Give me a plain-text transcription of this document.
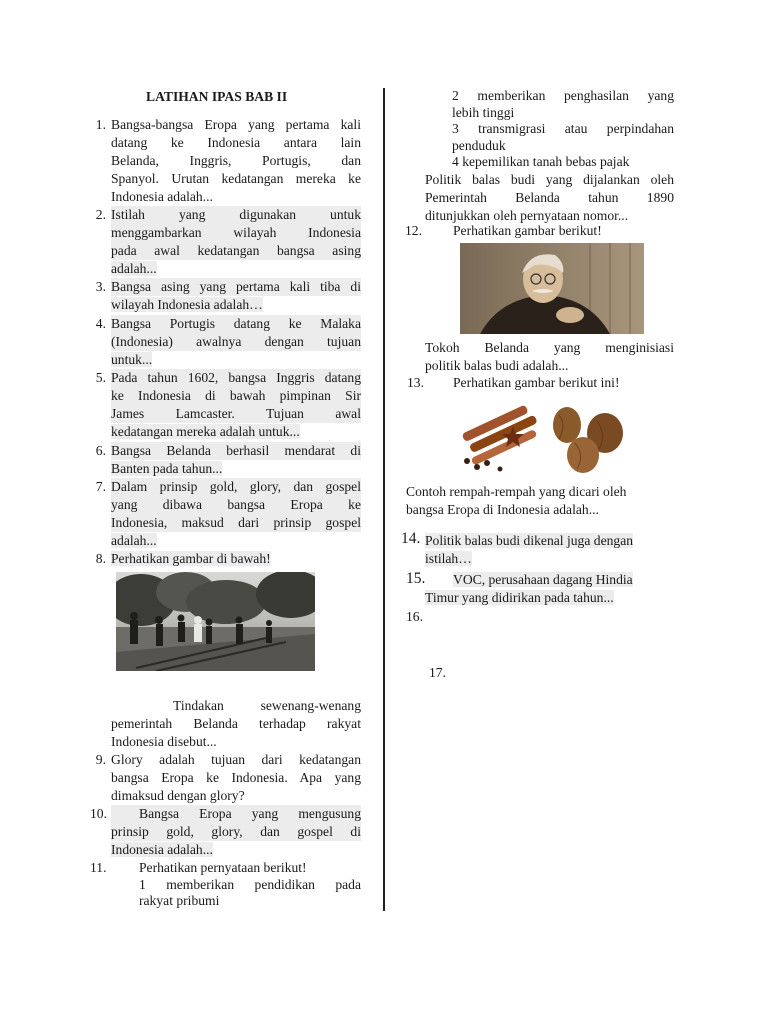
LATIHAN IPAS BAB II
1. Bangsa-bangsa Eropa yang pertama kali
datang ke Indonesia antara lain
Belanda, Inggris, Portugis, dan
Spanyol. Urutan kedatangan mereka ke
Indonesia adalah...
2. Istilah yang digunakan untuk
menggambarkan wilayah Indonesia
pada awal kedatangan bangsa asing
adalah...
3. Bangsa asing yang pertama kali tiba di
wilayah Indonesia adalah…
4. Bangsa Portugis datang ke Malaka
(Indonesia) awalnya dengan tujuan
untuk...
5. Pada tahun 1602, bangsa Inggris datang
ke Indonesia di bawah pimpinan Sir
James Lamcaster. Tujuan awal
kedatangan mereka adalah untuk...
6. Bangsa Belanda berhasil mendarat di
Banten pada tahun...
7. Dalam prinsip gold, glory, dan gospel
yang dibawa bangsa Eropa ke
Indonesia, maksud dari prinsip gospel
adalah...
8. Perhatikan gambar di bawah!
Tindakan sewenang-wenang
pemerintah Belanda terhadap rakyat
Indonesia disebut...
9. Glory adalah tujuan dari kedatangan
bangsa Eropa ke Indonesia. Apa yang
dimaksud dengan glory?
10.	Bangsa Eropa yang mengusung
prinsip gold, glory, dan gospel di
Indonesia adalah...
11.	Perhatikan pernyataan berikut!
1 memberikan pendidikan pada
rakyat pribumi
2 memberikan penghasilan yang
lebih tinggi
3 transmigrasi atau perpindahan
penduduk
4 kepemilikan tanah bebas pajak
Politik balas budi yang dijalankan oleh
Pemerintah Belanda tahun 1890
ditunjukkan oleh pernyataan nomor...
12.	Perhatikan gambar berikut!
Tokoh Belanda yang menginisiasi
politik balas budi adalah...
13.	Perhatikan gambar berikut ini!
Contoh rempah-rempah yang dicari oleh
bangsa Eropa di Indonesia adalah...
14. Politik balas budi dikenal juga dengan
istilah…
15.	VOC, perusahaan dagang Hindia
Timur yang didirikan pada tahun...
16.
17.
